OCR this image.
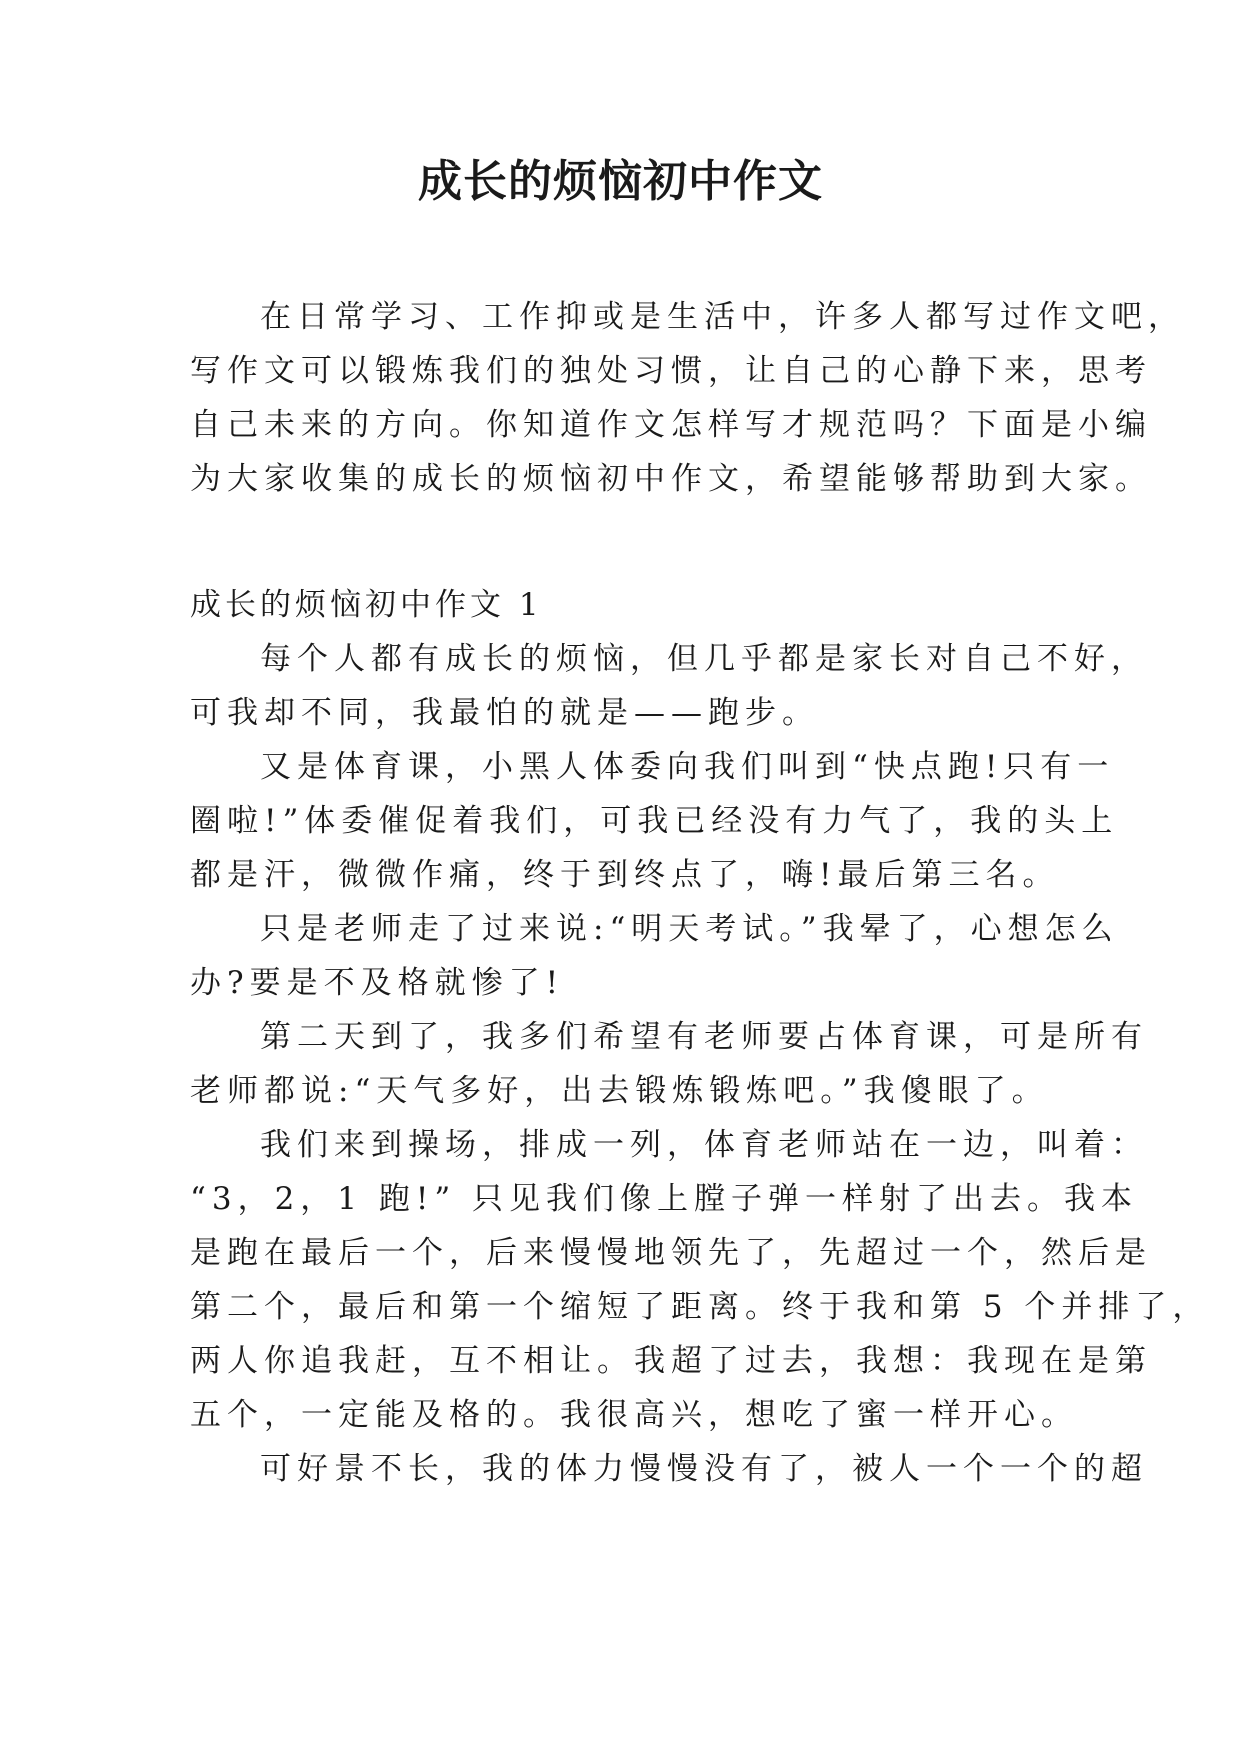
成长的烦恼初中作文
在日常学习、工作抑或是生活中，许多人都写过作文吧，
写作文可以锻炼我们的独处习惯，让自己的心静下来，思考
自己未来的方向。你知道作文怎样写才规范吗？下面是小编
为大家收集的成长的烦恼初中作文，希望能够帮助到大家。
成长的烦恼初中作文 1
每个人都有成长的烦恼，但几乎都是家长对自己不好，
可我却不同，我最怕的就是——跑步。
又是体育课，小黑人体委向我们叫到“快点跑!只有一
圈啦!”体委催促着我们，可我已经没有力气了，我的头上
都是汗，微微作痛，终于到终点了，嗨!最后第三名。
只是老师走了过来说:“明天考试。”我晕了，心想怎么
办?要是不及格就惨了!
第二天到了，我多们希望有老师要占体育课，可是所有
老师都说:“天气多好，出去锻炼锻炼吧。”我傻眼了。
我们来到操场，排成一列，体育老师站在一边，叫着：
“3，2，1 跑!” 只见我们像上膛子弹一样射了出去。我本
是跑在最后一个，后来慢慢地领先了，先超过一个，然后是
第二个，最后和第一个缩短了距离。终于我和第 5 个并排了，
两人你追我赶，互不相让。我超了过去，我想：我现在是第
五个，一定能及格的。我很高兴，想吃了蜜一样开心。
可好景不长，我的体力慢慢没有了，被人一个一个的超
